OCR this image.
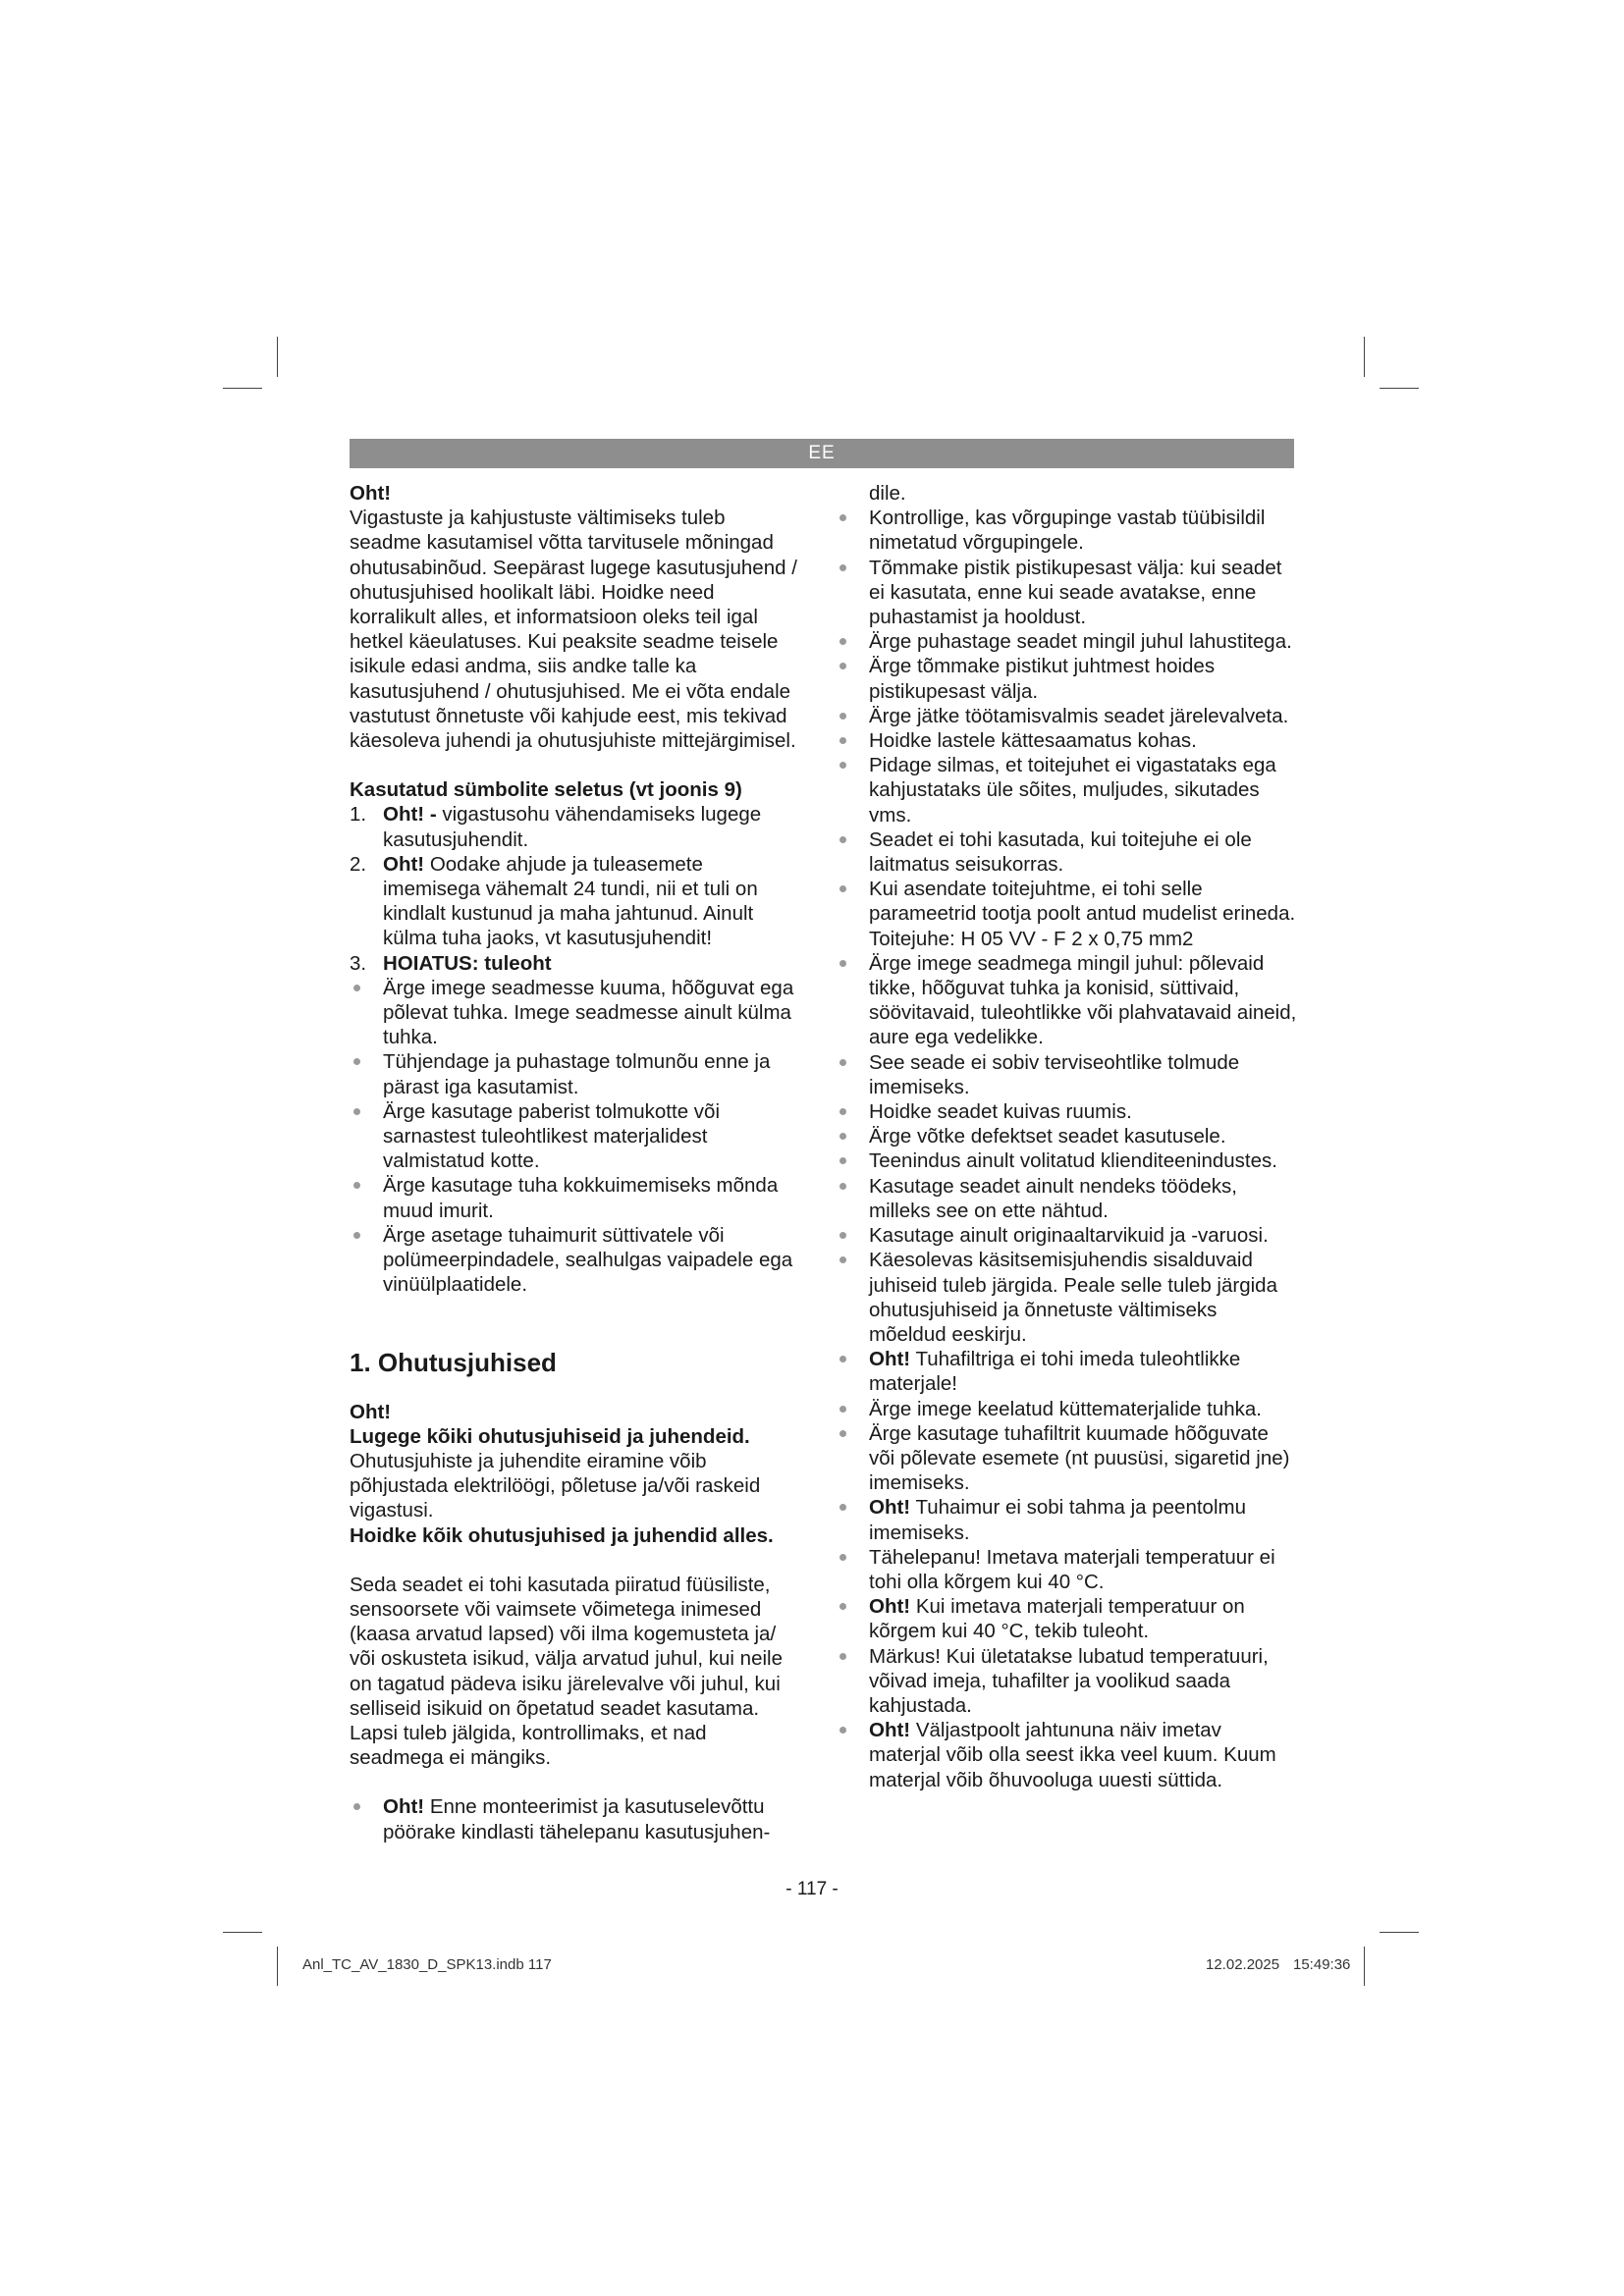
EE

Oht!

Vigastuste ja kahjustuste vältimiseks tuleb seadme kasutamisel võtta tarvitusele mõningad ohutusabinõud. Seepärast lugege kasutusjuhend / ohutusjuhised hoolikalt läbi. Hoidke need korralikult alles, et informatsioon oleks teil igal hetkel käeulatuses. Kui peaksite seadme teisele isikule edasi andma, siis andke talle ka kasutusjuhend / ohutusjuhised. Me ei võta endale vastutust õnnetuste või kahjude eest, mis tekivad käesoleva juhendi ja ohutusjuhiste mittejärgimisel.

Kasutatud sümbolite seletus (vt joonis 9)

1. Oht! - vigastusohu vähendamiseks lugege kasutusjuhendit.
2. Oht! Oodake ahjude ja tuleasemete imemisega vähemalt 24 tundi, nii et tuli on kindlalt kustunud ja maha jahtunud. Ainult külma tuha jaoks, vt kasutusjuhendit!
3. HOIATUS: tuleoht
Ärge imege seadmesse kuuma, hõõguvat ega põlevat tuhka. Imege seadmesse ainult külma tuhka.
Tühjendage ja puhastage tolmunõu enne ja pärast iga kasutamist.
Ärge kasutage paberist tolmukotte või sarnastest tuleohtlikest materjalidest valmistatud kotte.
Ärge kasutage tuha kokkuimemiseks mõnda muud imurit.
Ärge asetage tuhaimurit süttivatele või polümeerpindadele, sealhulgas vaipadele ega vinüülplaatidele.

1. Ohutusjuhised

Oht!

Lugege kõiki ohutusjuhiseid ja juhendeid.

Ohutusjuhiste ja juhendite eiramine võib põhjustada elektrilöögi, põletuse ja/või raskeid vigastusi.

Hoidke kõik ohutusjuhised ja juhendid alles.

Seda seadet ei tohi kasutada piiratud füüsiliste, sensoorsete või vaimsete võimetega inimesed (kaasa arvatud lapsed) või ilma kogemusteta ja/ või oskusteta isikud, välja arvatud juhul, kui neile on tagatud pädeva isiku järelevalve või juhul, kui selliseid isikuid on õpetatud seadet kasutama. Lapsi tuleb jälgida, kontrollimaks, et nad seadmega ei mängiks.

Oht! Enne monteerimist ja kasutuselevõttu pöörake kindlasti tähelepanu kasutusjuhen-

dile.

Kontrollige, kas võrgupinge vastab tüübisildil nimetatud võrgupingele.
Tõmmake pistik pistikupesast välja: kui seadet ei kasutata, enne kui seade avatakse, enne puhastamist ja hooldust.
Ärge puhastage seadet mingil juhul lahustitega.
Ärge tõmmake pistikut juhtmest hoides pistikupesast välja.
Ärge jätke töötamisvalmis seadet järelevalveta.
Hoidke lastele kättesaamatus kohas.
Pidage silmas, et toitejuhet ei vigastataks ega kahjustataks üle sõites, muljudes, sikutades vms.
Seadet ei tohi kasutada, kui toitejuhe ei ole laitmatus seisukorras.
Kui asendate toitejuhtme, ei tohi selle parameetrid tootja poolt antud mudelist erineda. Toitejuhe: H 05 VV - F 2 x 0,75 mm2
Ärge imege seadmega mingil juhul: põlevaid tikke, hõõguvat tuhka ja konisid, süttivaid, söövitavaid, tuleohtlikke või plahvatavaid aineid, aure ega vedelikke.
See seade ei sobiv terviseohtlike tolmude imemiseks.
Hoidke seadet kuivas ruumis.
Ärge võtke defektset seadet kasutusele.
Teenindus ainult volitatud klienditeenindustes.
Kasutage seadet ainult nendeks töödeks, milleks see on ette nähtud.
Kasutage ainult originaaltarvikuid ja -varuosi.
Käesolevas käsitsemisjuhendis sisalduvaid juhiseid tuleb järgida. Peale selle tuleb järgida ohutusjuhiseid ja õnnetuste vältimiseks mõeldud eeskirju.
Oht! Tuhafiltriga ei tohi imeda tuleohtlikke materjale!
Ärge imege keelatud küttematerjalide tuhka.
Ärge kasutage tuhafiltrit kuumade hõõguvate või põlevate esemete (nt puusüsi, sigaretid jne) imemiseks.
Oht! Tuhaimur ei sobi tahma ja peentolmu imemiseks.
Tähelepanu! Imetava materjali temperatuur ei tohi olla kõrgem kui 40 °C.
Oht! Kui imetava materjali temperatuur on kõrgem kui 40 °C, tekib tuleoht.
Märkus! Kui ületatakse lubatud temperatuuri, võivad imeja, tuhafilter ja voolikud saada kahjustada.
Oht! Väljastpoolt jahtununa näiv imetav materjal võib olla seest ikka veel kuum. Kuum materjal võib õhuvooluga uuesti süttida.
- 117 -
Anl_TC_AV_1830_D_SPK13.indb 117	12.02.2025 15:49:36
